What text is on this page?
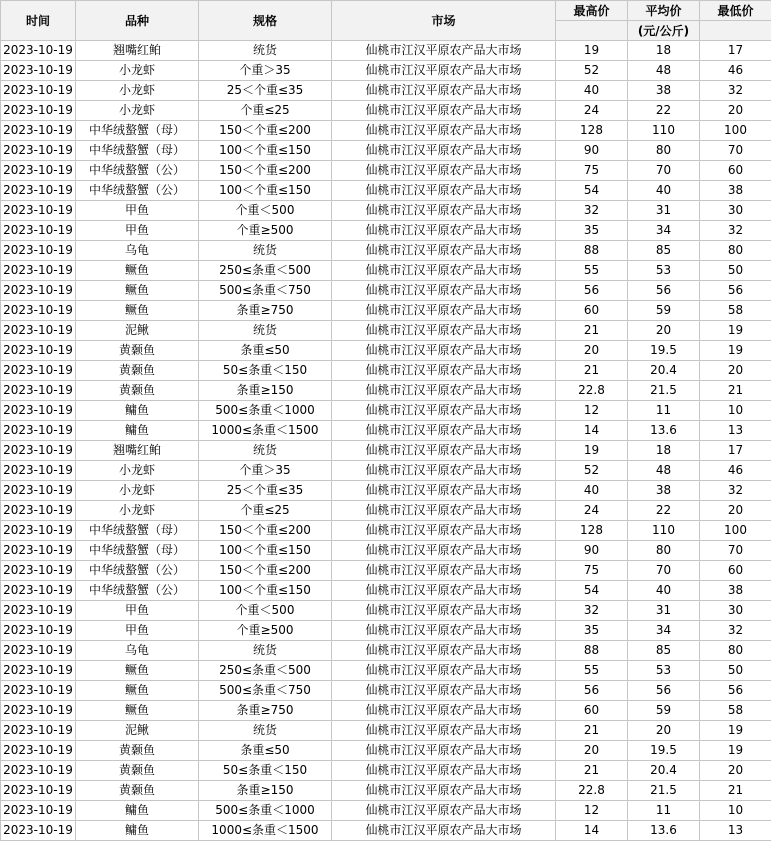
时间	品种	规格	市场	最高价	平均价	最低价
					(元/公斤)	
2023-10-19	翘嘴红鲌	统货	仙桃市江汉平原农产品大市场	19	18	17
2023-10-19	小龙虾	个重＞35	仙桃市江汉平原农产品大市场	52	48	46
2023-10-19	小龙虾	25＜个重≤35	仙桃市江汉平原农产品大市场	40	38	32
2023-10-19	小龙虾	个重≤25	仙桃市江汉平原农产品大市场	24	22	20
2023-10-19	中华绒螯蟹（母）	150＜个重≤200	仙桃市江汉平原农产品大市场	128	110	100
2023-10-19	中华绒螯蟹（母）	100＜个重≤150	仙桃市江汉平原农产品大市场	90	80	70
2023-10-19	中华绒螯蟹（公）	150＜个重≤200	仙桃市江汉平原农产品大市场	75	70	60
2023-10-19	中华绒螯蟹（公）	100＜个重≤150	仙桃市江汉平原农产品大市场	54	40	38
2023-10-19	甲鱼	个重＜500	仙桃市江汉平原农产品大市场	32	31	30
2023-10-19	甲鱼	个重≥500	仙桃市江汉平原农产品大市场	35	34	32
2023-10-19	乌龟	统货	仙桃市江汉平原农产品大市场	88	85	80
2023-10-19	鳜鱼	250≤条重＜500	仙桃市江汉平原农产品大市场	55	53	50
2023-10-19	鳜鱼	500≤条重＜750	仙桃市江汉平原农产品大市场	56	56	56
2023-10-19	鳜鱼	条重≥750	仙桃市江汉平原农产品大市场	60	59	58
2023-10-19	泥鳅	统货	仙桃市江汉平原农产品大市场	21	20	19
2023-10-19	黄颡鱼	条重≤50	仙桃市江汉平原农产品大市场	20	19.5	19
2023-10-19	黄颡鱼	50≤条重＜150	仙桃市江汉平原农产品大市场	21	20.4	20
2023-10-19	黄颡鱼	条重≥150	仙桃市江汉平原农产品大市场	22.8	21.5	21
2023-10-19	鳙鱼	500≤条重＜1000	仙桃市江汉平原农产品大市场	12	11	10
2023-10-19	鳙鱼	1000≤条重＜1500	仙桃市江汉平原农产品大市场	14	13.6	13
2023-10-19	翘嘴红鲌	统货	仙桃市江汉平原农产品大市场	19	18	17
2023-10-19	小龙虾	个重＞35	仙桃市江汉平原农产品大市场	52	48	46
2023-10-19	小龙虾	25＜个重≤35	仙桃市江汉平原农产品大市场	40	38	32
2023-10-19	小龙虾	个重≤25	仙桃市江汉平原农产品大市场	24	22	20
2023-10-19	中华绒螯蟹（母）	150＜个重≤200	仙桃市江汉平原农产品大市场	128	110	100
2023-10-19	中华绒螯蟹（母）	100＜个重≤150	仙桃市江汉平原农产品大市场	90	80	70
2023-10-19	中华绒螯蟹（公）	150＜个重≤200	仙桃市江汉平原农产品大市场	75	70	60
2023-10-19	中华绒螯蟹（公）	100＜个重≤150	仙桃市江汉平原农产品大市场	54	40	38
2023-10-19	甲鱼	个重＜500	仙桃市江汉平原农产品大市场	32	31	30
2023-10-19	甲鱼	个重≥500	仙桃市江汉平原农产品大市场	35	34	32
2023-10-19	乌龟	统货	仙桃市江汉平原农产品大市场	88	85	80
2023-10-19	鳜鱼	250≤条重＜500	仙桃市江汉平原农产品大市场	55	53	50
2023-10-19	鳜鱼	500≤条重＜750	仙桃市江汉平原农产品大市场	56	56	56
2023-10-19	鳜鱼	条重≥750	仙桃市江汉平原农产品大市场	60	59	58
2023-10-19	泥鳅	统货	仙桃市江汉平原农产品大市场	21	20	19
2023-10-19	黄颡鱼	条重≤50	仙桃市江汉平原农产品大市场	20	19.5	19
2023-10-19	黄颡鱼	50≤条重＜150	仙桃市江汉平原农产品大市场	21	20.4	20
2023-10-19	黄颡鱼	条重≥150	仙桃市江汉平原农产品大市场	22.8	21.5	21
2023-10-19	鳙鱼	500≤条重＜1000	仙桃市江汉平原农产品大市场	12	11	10
2023-10-19	鳙鱼	1000≤条重＜1500	仙桃市江汉平原农产品大市场	14	13.6	13
